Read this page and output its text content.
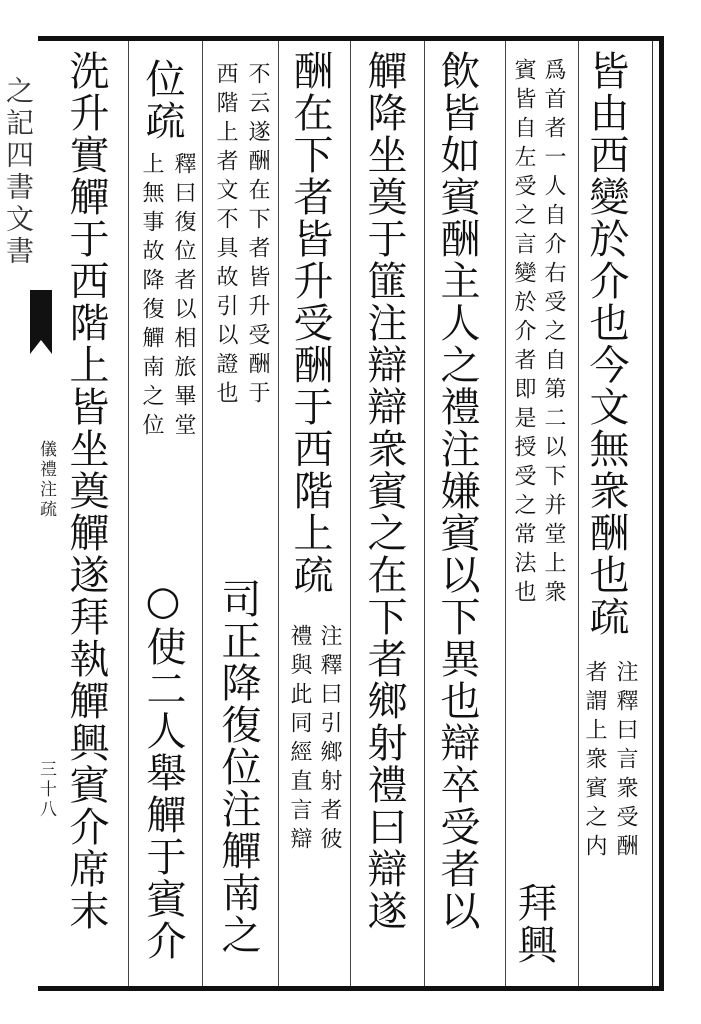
之記四書文書
儀禮注疏
三十八
皆由西變於介也今文無衆酬也疏
注釋曰言衆受酬
者謂上衆賓之内
爲首者一人自介右受之自第二以下并堂上衆
賓皆自左受之言變於介者即是授受之常法也
拜興
飲皆如賓酬主人之禮注嫌賓以下異也辯卒受者以
觶降坐奠于篚注辯辯衆賓之在下者鄉射禮曰辯遂
酬在下者皆升受酬于西階上疏
注釋曰引鄉射者彼
禮與此同經直言辯
不云遂酬在下者皆升受酬于
西階上者文不具故引以證也
司正降復位注觶南之
位疏
釋曰復位者以相旅畢堂
上無事故降復觶南之位
○使二人舉觶于賓介
洗升實觶于西階上皆坐奠觶遂拜執觶興賓介席末
